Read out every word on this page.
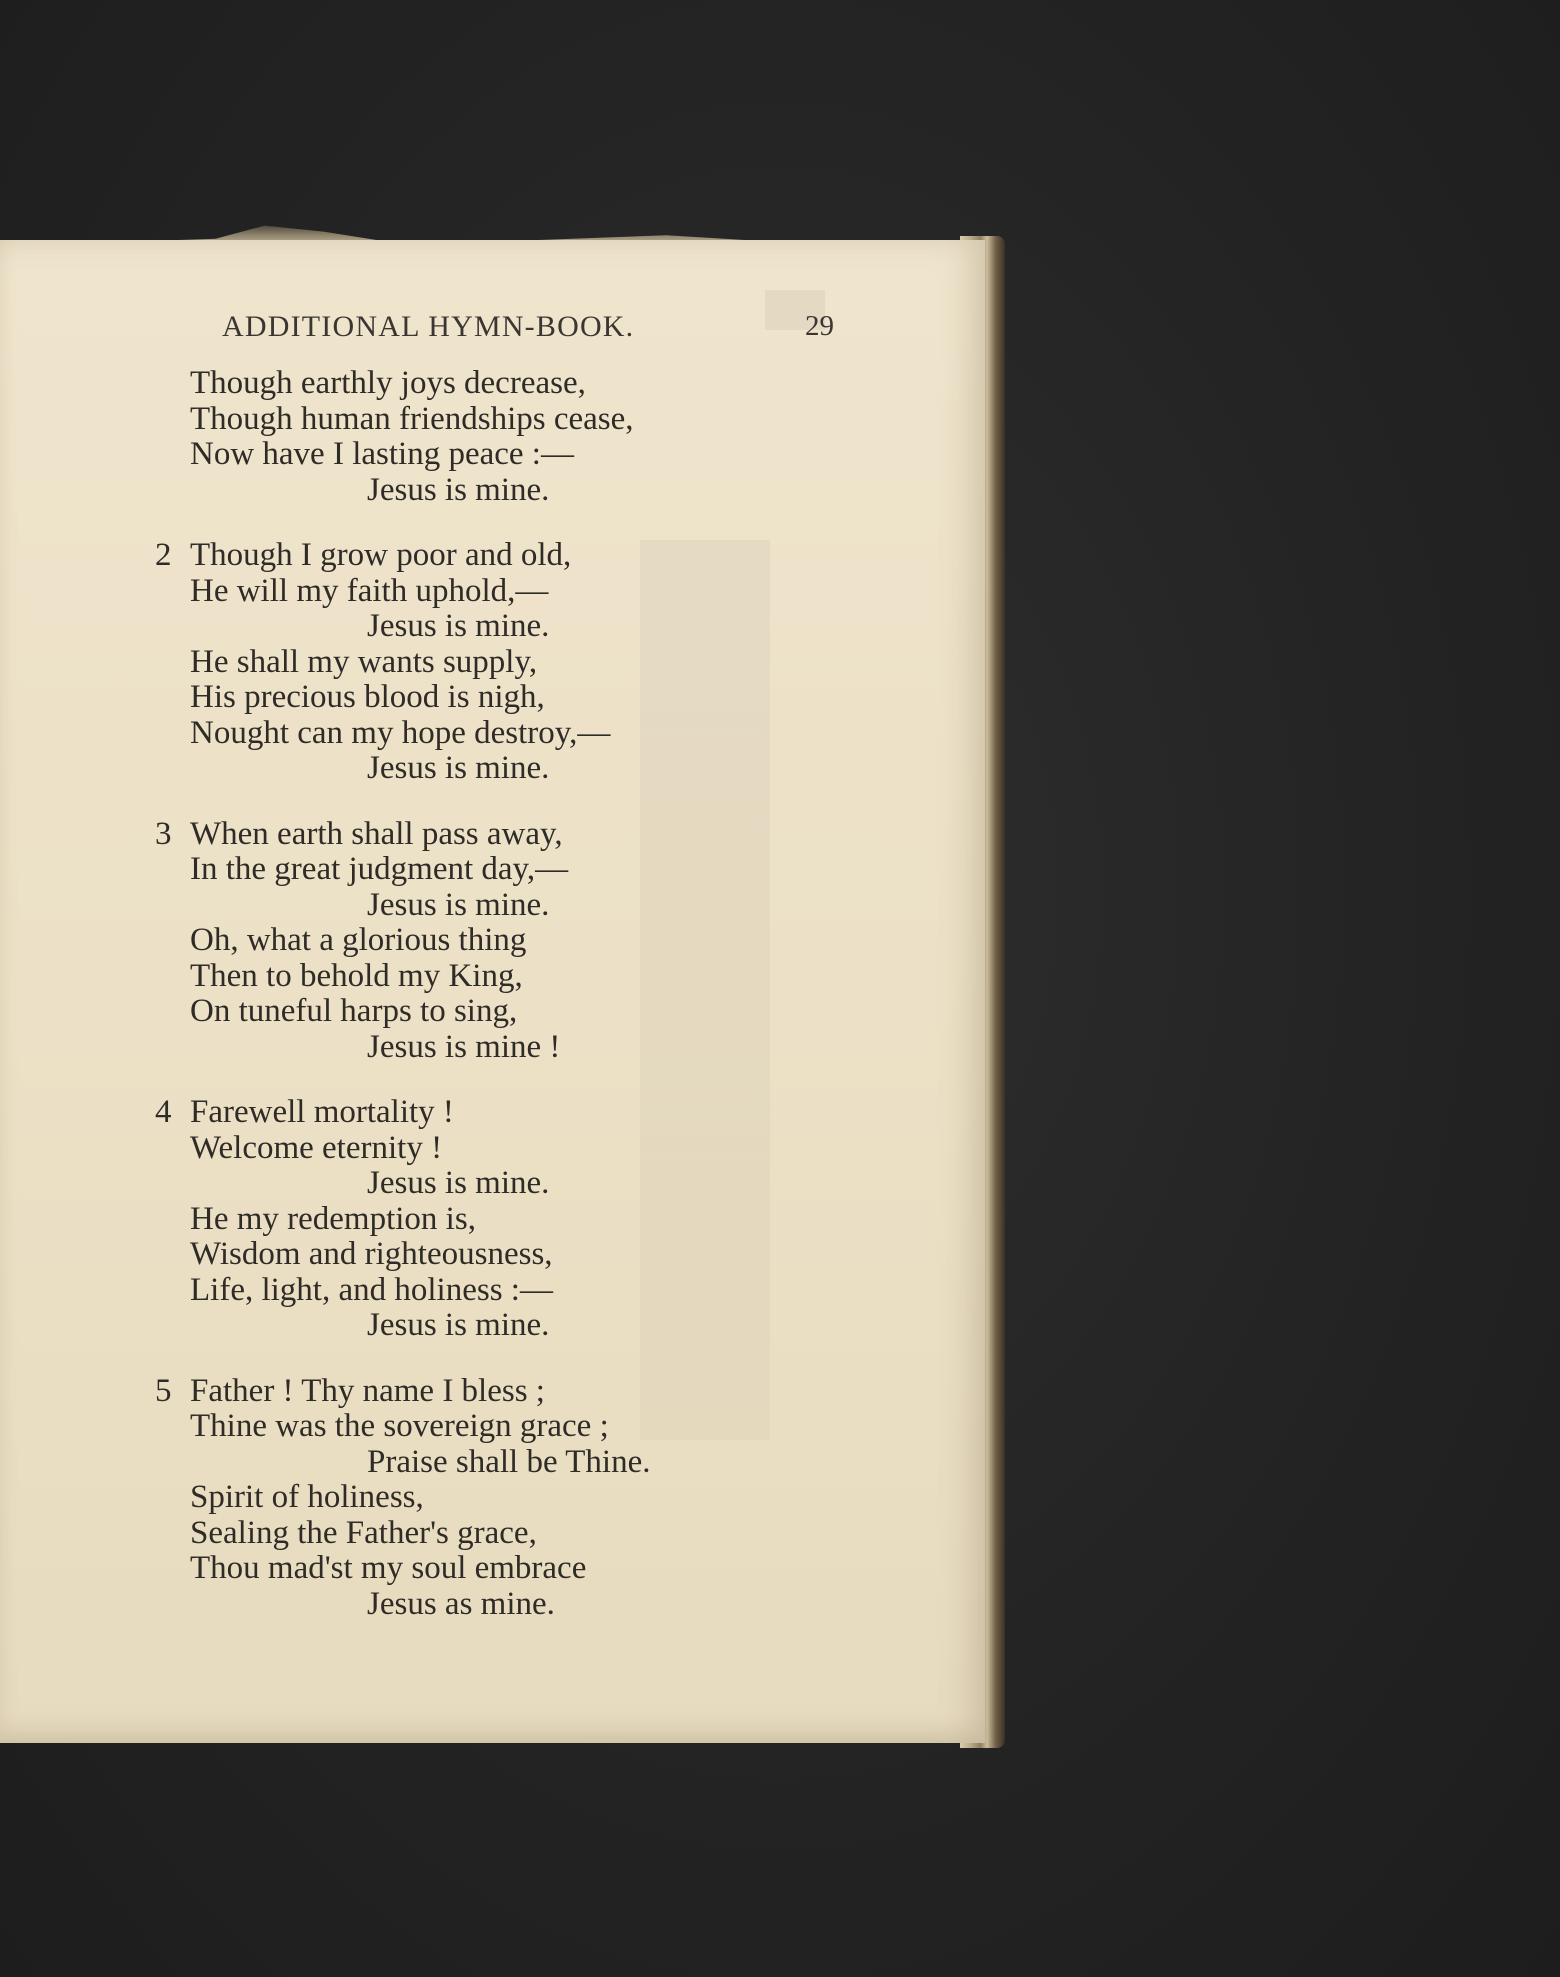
ADDITIONAL HYMN-BOOK.	29
Though earthly joys decrease,
Though human friendships cease,
Now have I lasting peace :—
Jesus is mine.
2 Though I grow poor and old,
He will my faith uphold,—
Jesus is mine.
He shall my wants supply,
His precious blood is nigh,
Nought can my hope destroy,—
Jesus is mine.
3 When earth shall pass away,
In the great judgment day,—
Jesus is mine.
Oh, what a glorious thing
Then to behold my King,
On tuneful harps to sing,
Jesus is mine !
4 Farewell mortality !
Welcome eternity !
Jesus is mine.
He my redemption is,
Wisdom and righteousness,
Life, light, and holiness :—
Jesus is mine.
5 Father ! Thy name I bless ;
Thine was the sovereign grace ;
Praise shall be Thine.
Spirit of holiness,
Sealing the Father's grace,
Thou mad'st my soul embrace
Jesus as mine.
